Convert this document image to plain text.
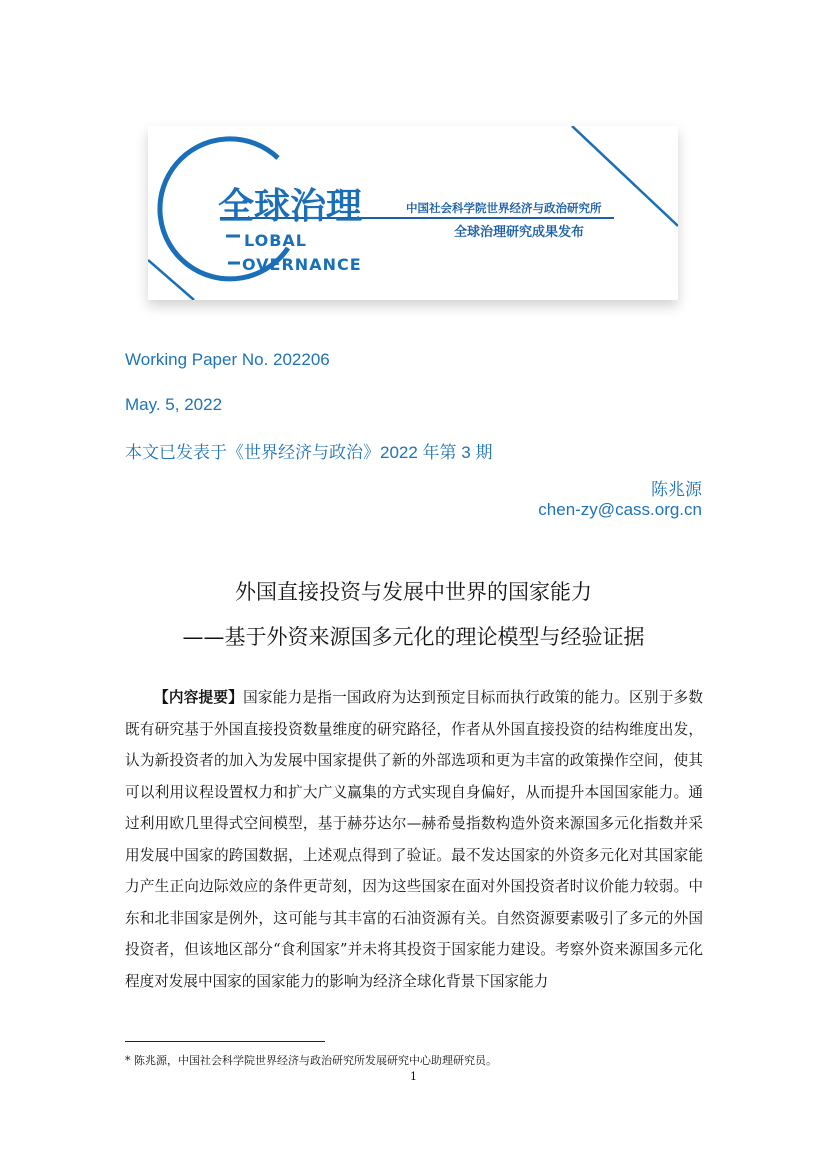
全球治理
LOBAL
OVERNANCE
中国社会科学院世界经济与政治研究所
全球治理研究成果发布
Working Paper No. 202206
May. 5, 2022
本文已发表于《世界经济与政治》2022 年第 3 期
陈兆源
chen-zy@cass.org.cn
外国直接投资与发展中世界的国家能力
——基于外资来源国多元化的理论模型与经验证据

【内容提要】国家能力是指一国政府为达到预定目标而执行政策的能力。区别于多数既有研究基于外国直接投资数量维度的研究路径，作者从外国直接投资的结构维度出发，认为新投资者的加入为发展中国家提供了新的外部选项和更为丰富的政策操作空间，使其可以利用议程设置权力和扩大广义赢集的方式实现自身偏好，从而提升本国国家能力。通过利用欧几里得式空间模型，基于赫芬达尔—赫希曼指数构造外资来源国多元化指数并采用发展中国家的跨国数据，上述观点得到了验证。最不发达国家的外资多元化对其国家能力产生正向边际效应的条件更苛刻，因为这些国家在面对外国投资者时议价能力较弱。中东和北非国家是例外，这可能与其丰富的石油资源有关。自然资源要素吸引了多元的外国投资者，但该地区部分“食利国家”并未将其投资于国家能力建设。考察外资来源国多元化程度对发展中国家的国家能力的影响为经济全球化背景下国家能力

* 陈兆源，中国社会科学院世界经济与政治研究所发展研究中心助理研究员。
1
